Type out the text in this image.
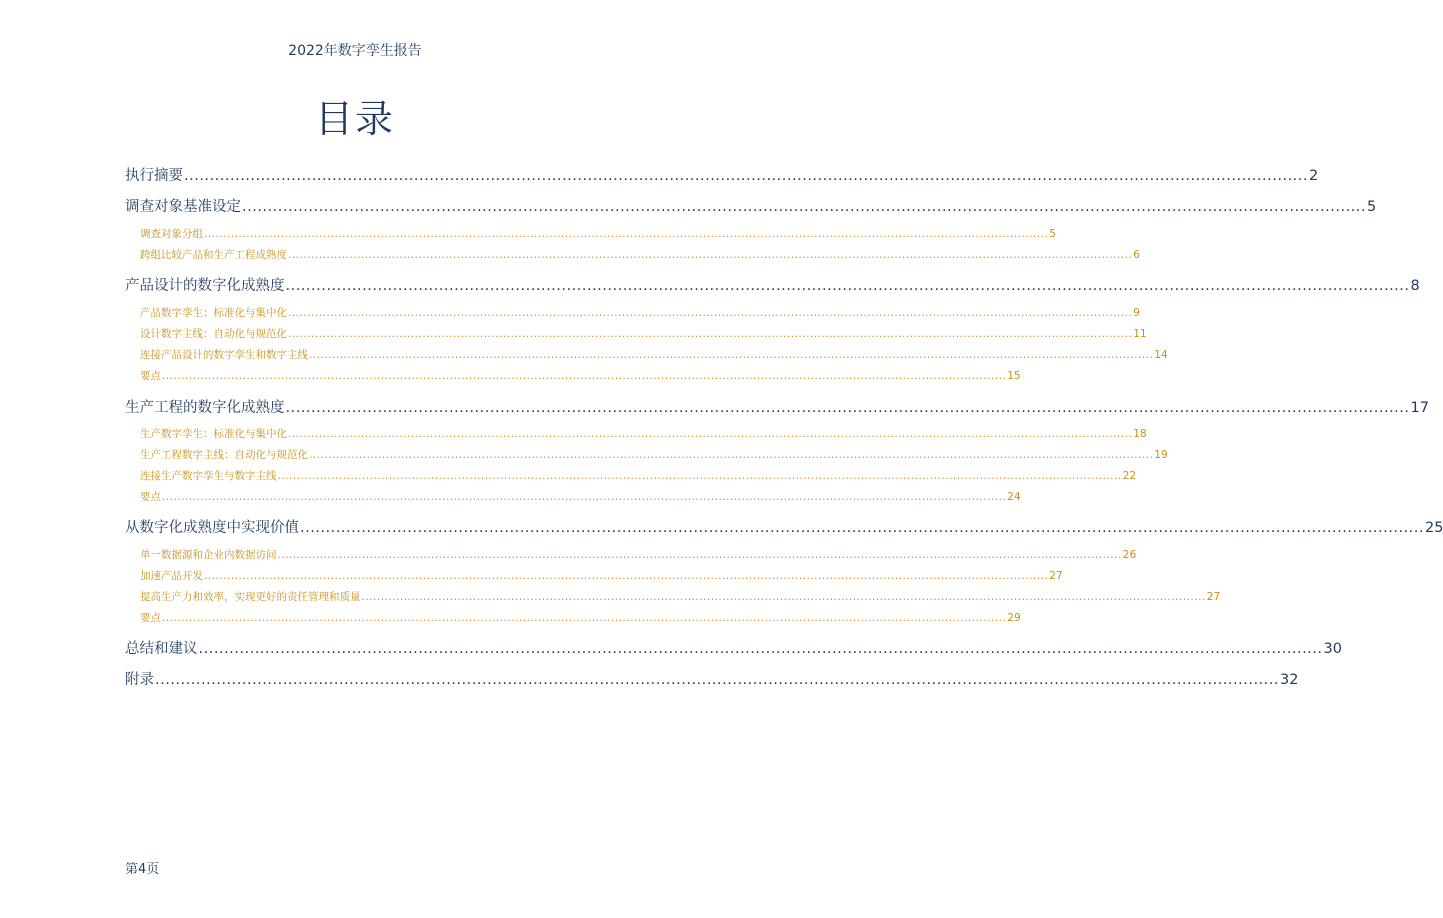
2022年数字孪生报告
目录
执行摘要 ............................................................................................................................................................................................................................ 2
调查对象基准设定 ............................................................................................................................................................................................................................ 5
调查对象分组 ............................................................................................................................................................................................................................ 5
跨组比较产品和生产工程成熟度 ............................................................................................................................................................................................................................ 6
产品设计的数字化成熟度 ............................................................................................................................................................................................................................ 8
产品数字孪生：标准化与集中化 ............................................................................................................................................................................................................................ 9
设计数字主线：自动化与规范化 ............................................................................................................................................................................................................................ 11
连接产品设计的数字孪生和数字主线 ............................................................................................................................................................................................................................ 14
要点 ............................................................................................................................................................................................................................ 15
生产工程的数字化成熟度 ............................................................................................................................................................................................................................ 17
生产数字孪生：标准化与集中化 ............................................................................................................................................................................................................................ 18
生产工程数字主线：自动化与规范化 ............................................................................................................................................................................................................................ 19
连接生产数字孪生与数字主线 ............................................................................................................................................................................................................................ 22
要点 ............................................................................................................................................................................................................................ 24
从数字化成熟度中实现价值 ............................................................................................................................................................................................................................ 25
单一数据源和企业内数据访问 ............................................................................................................................................................................................................................ 26
加速产品开发 ............................................................................................................................................................................................................................ 27
提高生产力和效率，实现更好的责任管理和质量 ............................................................................................................................................................................................................................ 27
要点 ............................................................................................................................................................................................................................ 29
总结和建议 ............................................................................................................................................................................................................................ 30
附录 ............................................................................................................................................................................................................................ 32
第4页
